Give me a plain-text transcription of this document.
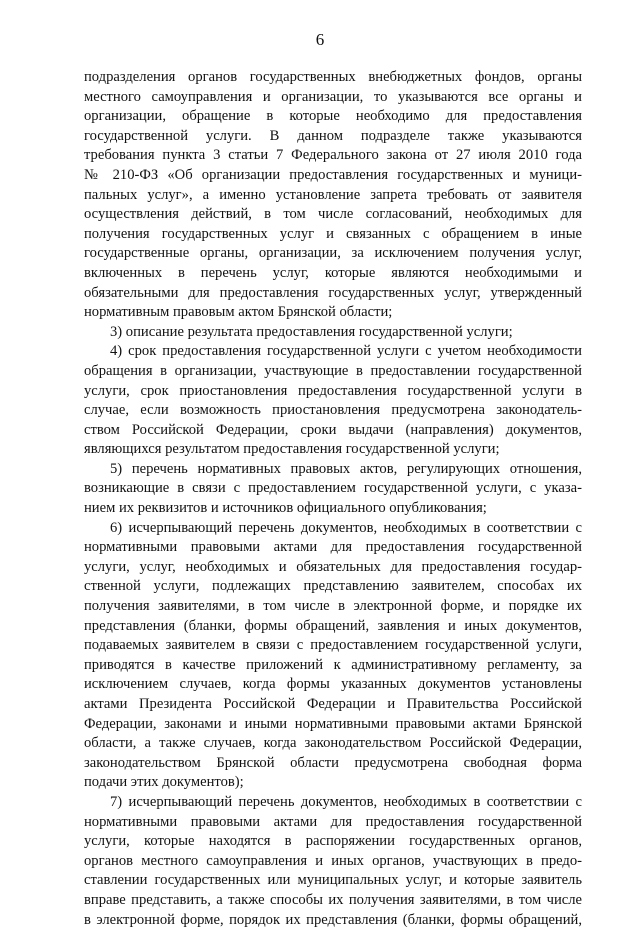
6
подразделения органов государственных внебюджетных фондов, органы
местного самоуправления и организации, то указываются все органы и
организации, обращение в которые необходимо для предоставления
государственной услуги. В данном подразделе также указываются
требования пункта 3 статьи 7 Федерального закона от 27 июля 2010 года
№ 210-ФЗ «Об организации предоставления государственных и муници-
пальных услуг», а именно установление запрета требовать от заявителя
осуществления действий, в том числе согласований, необходимых для
получения государственных услуг и связанных с обращением в иные
государственные органы, организации, за исключением получения услуг,
включенных в перечень услуг, которые являются необходимыми и
обязательными для предоставления государственных услуг, утвержденный
нормативным правовым актом Брянской области;
3) описание результата предоставления государственной услуги;
4) срок предоставления государственной услуги с учетом необходимости
обращения в организации, участвующие в предоставлении государственной
услуги, срок приостановления предоставления государственной услуги в
случае, если возможность приостановления предусмотрена законодатель-
ством Российской Федерации, сроки выдачи (направления) документов,
являющихся результатом предоставления государственной услуги;
5) перечень нормативных правовых актов, регулирующих отношения,
возникающие в связи с предоставлением государственной услуги, с указа-
нием их реквизитов и источников официального опубликования;
6) исчерпывающий перечень документов, необходимых в соответствии с
нормативными правовыми актами для предоставления государственной
услуги, услуг, необходимых и обязательных для предоставления государ-
ственной услуги, подлежащих представлению заявителем, способах их
получения заявителями, в том числе в электронной форме, и порядке их
представления (бланки, формы обращений, заявления и иных документов,
подаваемых заявителем в связи с предоставлением государственной услуги,
приводятся в качестве приложений к административному регламенту, за
исключением случаев, когда формы указанных документов установлены
актами Президента Российской Федерации и Правительства Российской
Федерации, законами и иными нормативными правовыми актами Брянской
области, а также случаев, когда законодательством Российской Федерации,
законодательством Брянской области предусмотрена свободная форма
подачи этих документов);
7) исчерпывающий перечень документов, необходимых в соответствии с
нормативными правовыми актами для предоставления государственной
услуги, которые находятся в распоряжении государственных органов,
органов местного самоуправления и иных органов, участвующих в предо-
ставлении государственных или муниципальных услуг, и которые заявитель
вправе представить, а также способы их получения заявителями, в том числе
в электронной форме, порядок их представления (бланки, формы обращений,
